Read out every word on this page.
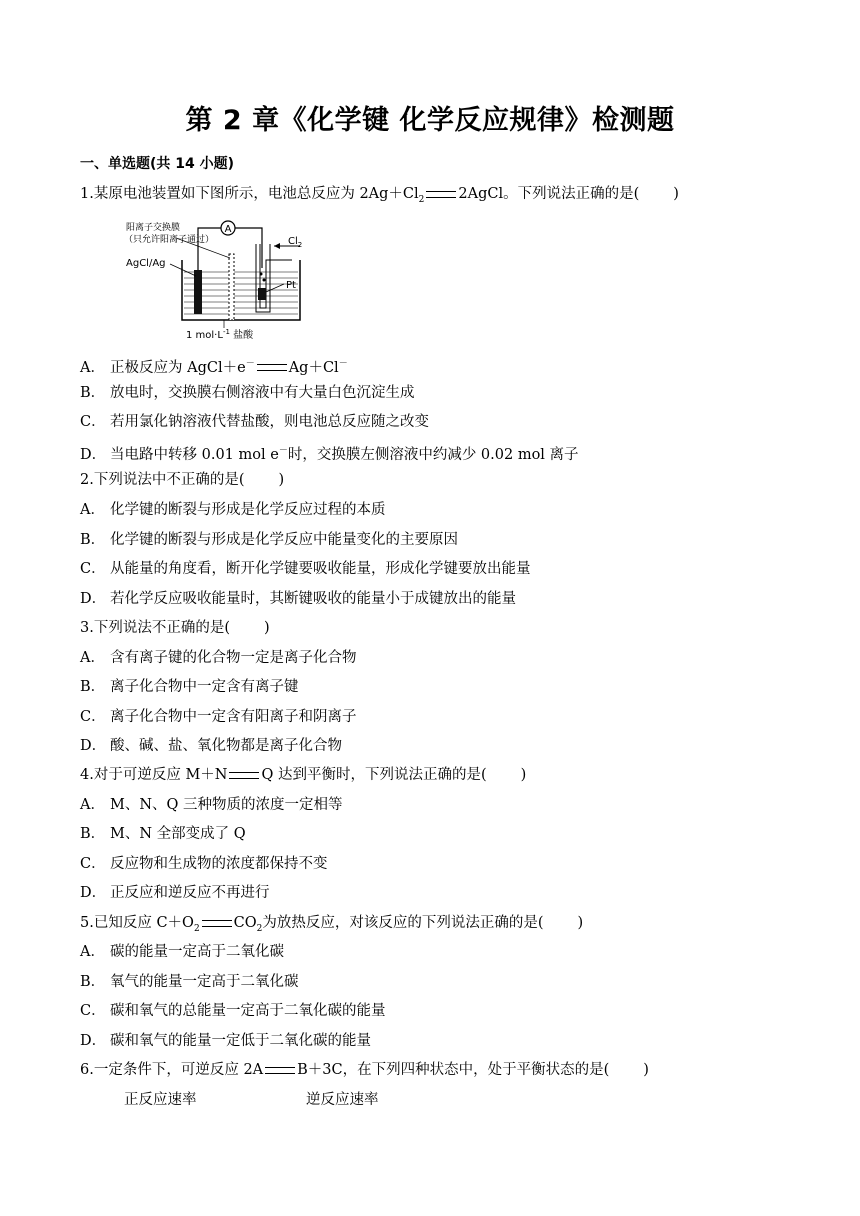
第 2 章《化学键 化学反应规律》检测题
一、单选题(共 14 小题)
1.某原电池装置如下图所示，电池总反应为 $2Ag+Cl_2$ 2AgCl。下列说法正确的是( )
A
$Cl_2$
阳离子交换膜
（只允许阳离子通过）
AgCl/Ag
Pt
1 $mol\cdot L^{-1}$ 盐酸
A． 正极反应为 AgCl＋e－ Ag＋Cl－
B． 放电时，交换膜右侧溶液中有大量白色沉淀生成
C． 若用氯化钠溶液代替盐酸，则电池总反应随之改变
D． 当电路中转移 0.01 mol e－时，交换膜左侧溶液中约减少 0.02 mol 离子
2.下列说法中不正确的是( )
A． 化学键的断裂与形成是化学反应过程的本质
B． 化学键的断裂与形成是化学反应中能量变化的主要原因
C． 从能量的角度看，断开化学键要吸收能量，形成化学键要放出能量
D． 若化学反应吸收能量时，其断键吸收的能量小于成键放出的能量
3.下列说法不正确的是( )
A． 含有离子键的化合物一定是离子化合物
B． 离子化合物中一定含有离子键
C． 离子化合物中一定含有阳离子和阴离子
D． 酸、碱、盐、氧化物都是离子化合物
4.对于可逆反应 M＋N Q 达到平衡时，下列说法正确的是( )
A． M、N、Q 三种物质的浓度一定相等
B． M、N 全部变成了 Q
C． 反应物和生成物的浓度都保持不变
D． 正反应和逆反应不再进行
5.已知反应 $C+O_2$ $CO_2$为放热反应，对该反应的下列说法正确的是( )
A． 碳的能量一定高于二氧化碳
B． 氧气的能量一定高于二氧化碳
C． 碳和氧气的总能量一定高于二氧化碳的能量
D． 碳和氧气的能量一定低于二氧化碳的能量
6.一定条件下，可逆反应 2A B＋3C，在下列四种状态中，处于平衡状态的是( )
正反应速率	逆反应速率
